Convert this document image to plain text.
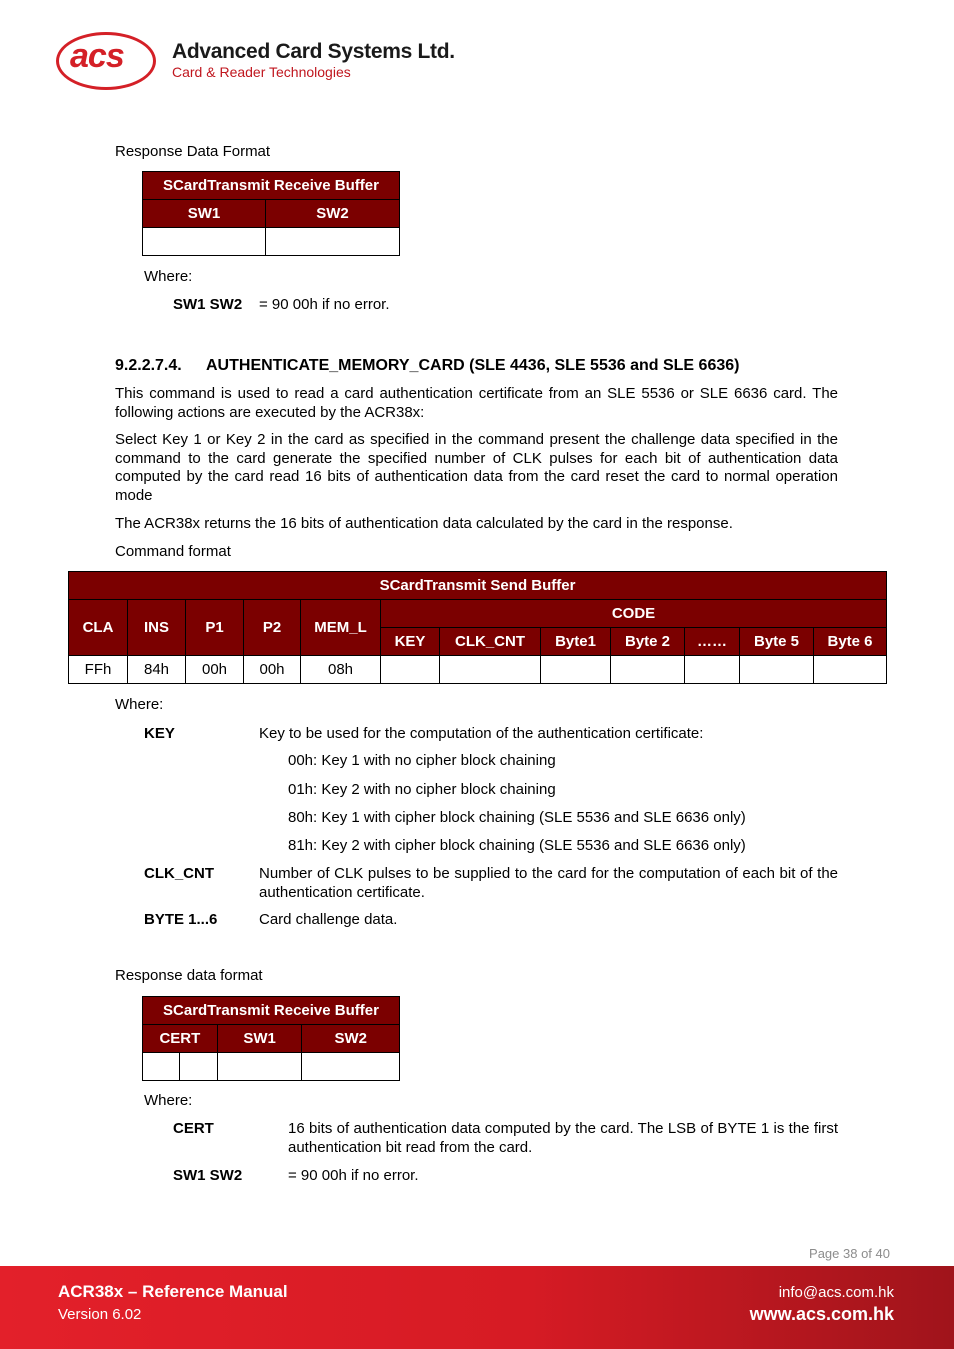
acs Advanced Card Systems Ltd.
Card & Reader Technologies

Response Data Format

SCardTransmit Receive Buffer	
SW1	SW2

Where:

SW1 SW2 = 90 00h if no error.

9.2.2.7.4. AUTHENTICATE_MEMORY_CARD (SLE 4436, SLE 5536 and SLE 6636)

This command is used to read a card authentication certificate from an SLE 5536 or SLE 6636 card. The following actions are executed by the ACR38x:

Select Key 1 or Key 2 in the card as specified in the command present the challenge data specified in the command to the card generate the specified number of CLK pulses for each bit of authentication data computed by the card read 16 bits of authentication data from the card reset the card to normal operation mode

The ACR38x returns the 16 bits of authentication data calculated by the card in the response.

Command format

SCardTransmit Send Buffer											
CLA	INS	P1	P2	MEM_L	CODE						
					KEY	CLK_CNT	Byte1	Byte 2	……	Byte 5	Byte 6
FFh	84h	00h	00h	08h							

Where:

KEY	Key to be used for the computation of the authentication certificate:

00h: Key 1 with no cipher block chaining

01h: Key 2 with no cipher block chaining

80h: Key 1 with cipher block chaining (SLE 5536 and SLE 6636 only)

81h: Key 2 with cipher block chaining (SLE 5536 and SLE 6636 only)

CLK_CNT	Number of CLK pulses to be supplied to the card for the computation of each bit of the authentication certificate.

BYTE 1...6	Card challenge data.

Response data format

SCardTransmit Receive Buffer			
CERT		SW1	SW2

Where:

CERT	16 bits of authentication data computed by the card. The LSB of BYTE 1 is the first authentication bit read from the card.

SW1 SW2	= 90 00h if no error.

Page 38 of 40

ACR38x – Reference Manual

Version 6.02

info@acs.com.hk

www.acs.com.hk
